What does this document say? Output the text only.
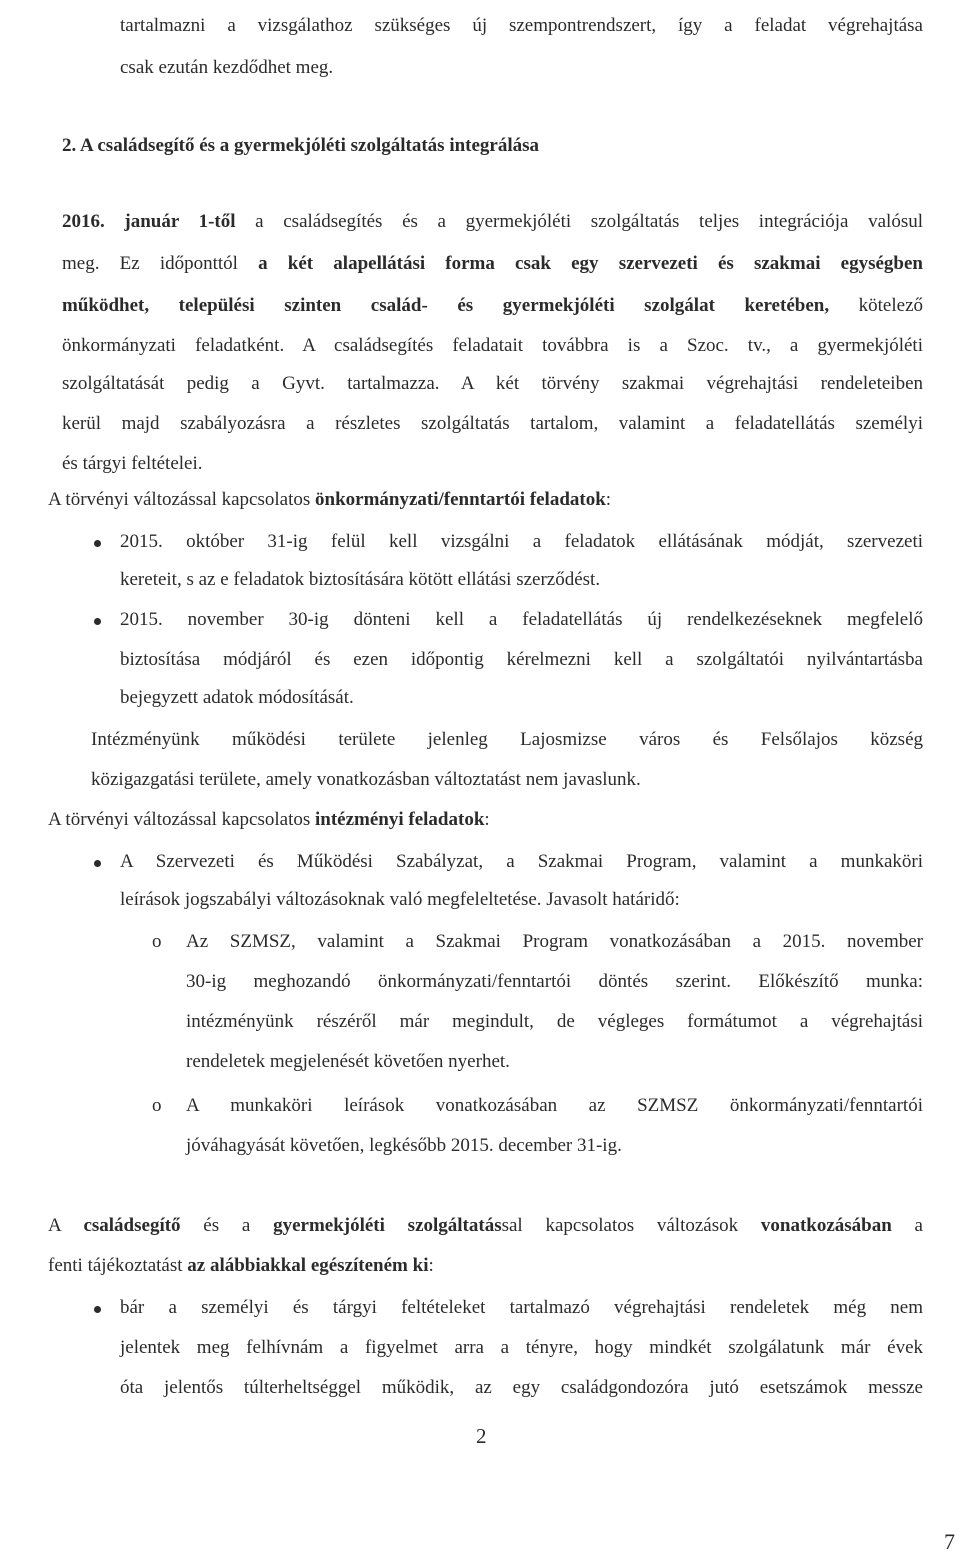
tartalmazni a vizsgálathoz szükséges új szempontrendszert, így a feladat végrehajtása

csak ezután kezdődhet meg.

2. A családsegítő és a gyermekjóléti szolgáltatás integrálása

2016. január 1-től a családsegítés és a gyermekjóléti szolgáltatás teljes integrációja valósul

meg. Ez időponttól a két alapellátási forma csak egy szervezeti és szakmai egységben

működhet, települési szinten család- és gyermekjóléti szolgálat keretében, kötelező

önkormányzati feladatként. A családsegítés feladatait továbbra is a Szoc. tv., a gyermekjóléti

szolgáltatását pedig a Gyvt. tartalmazza. A két törvény szakmai végrehajtási rendeleteiben

kerül majd szabályozásra a részletes szolgáltatás tartalom, valamint a feladatellátás személyi

és tárgyi feltételei.

A törvényi változással kapcsolatos önkormányzati/fenntartói feladatok:

2015. október 31-ig felül kell vizsgálni a feladatok ellátásának módját, szervezeti

kereteit, s az e feladatok biztosítására kötött ellátási szerződést.

2015. november 30-ig dönteni kell a feladatellátás új rendelkezéseknek megfelelő

biztosítása módjáról és ezen időpontig kérelmezni kell a szolgáltatói nyilvántartásba

bejegyzett adatok módosítását.

Intézményünk működési területe jelenleg Lajosmizse város és Felsőlajos község

közigazgatási területe, amely vonatkozásban változtatást nem javaslunk.

A törvényi változással kapcsolatos intézményi feladatok:

A Szervezeti és Működési Szabályzat, a Szakmai Program, valamint a munkaköri

leírások jogszabályi változásoknak való megfeleltetése. Javasolt határidő:

o Az SZMSZ, valamint a Szakmai Program vonatkozásában a 2015. november

30-ig meghozandó önkormányzati/fenntartói döntés szerint. Előkészítő munka:

intézményünk részéről már megindult, de végleges formátumot a végrehajtási

rendeletek megjelenését követően nyerhet.

o A munkaköri leírások vonatkozásában az SZMSZ önkormányzati/fenntartói

jóváhagyását követően, legkésőbb 2015. december 31-ig.

A családsegítő és a gyermekjóléti szolgáltatással kapcsolatos változások vonatkozásában a

fenti tájékoztatást az alábbiakkal egészíteném ki:

bár a személyi és tárgyi feltételeket tartalmazó végrehajtási rendeletek még nem

jelentek meg felhívnám a figyelmet arra a tényre, hogy mindkét szolgálatunk már évek

óta jelentős túlterheltséggel működik, az egy családgondozóra jutó esetszámok messze

2
7
